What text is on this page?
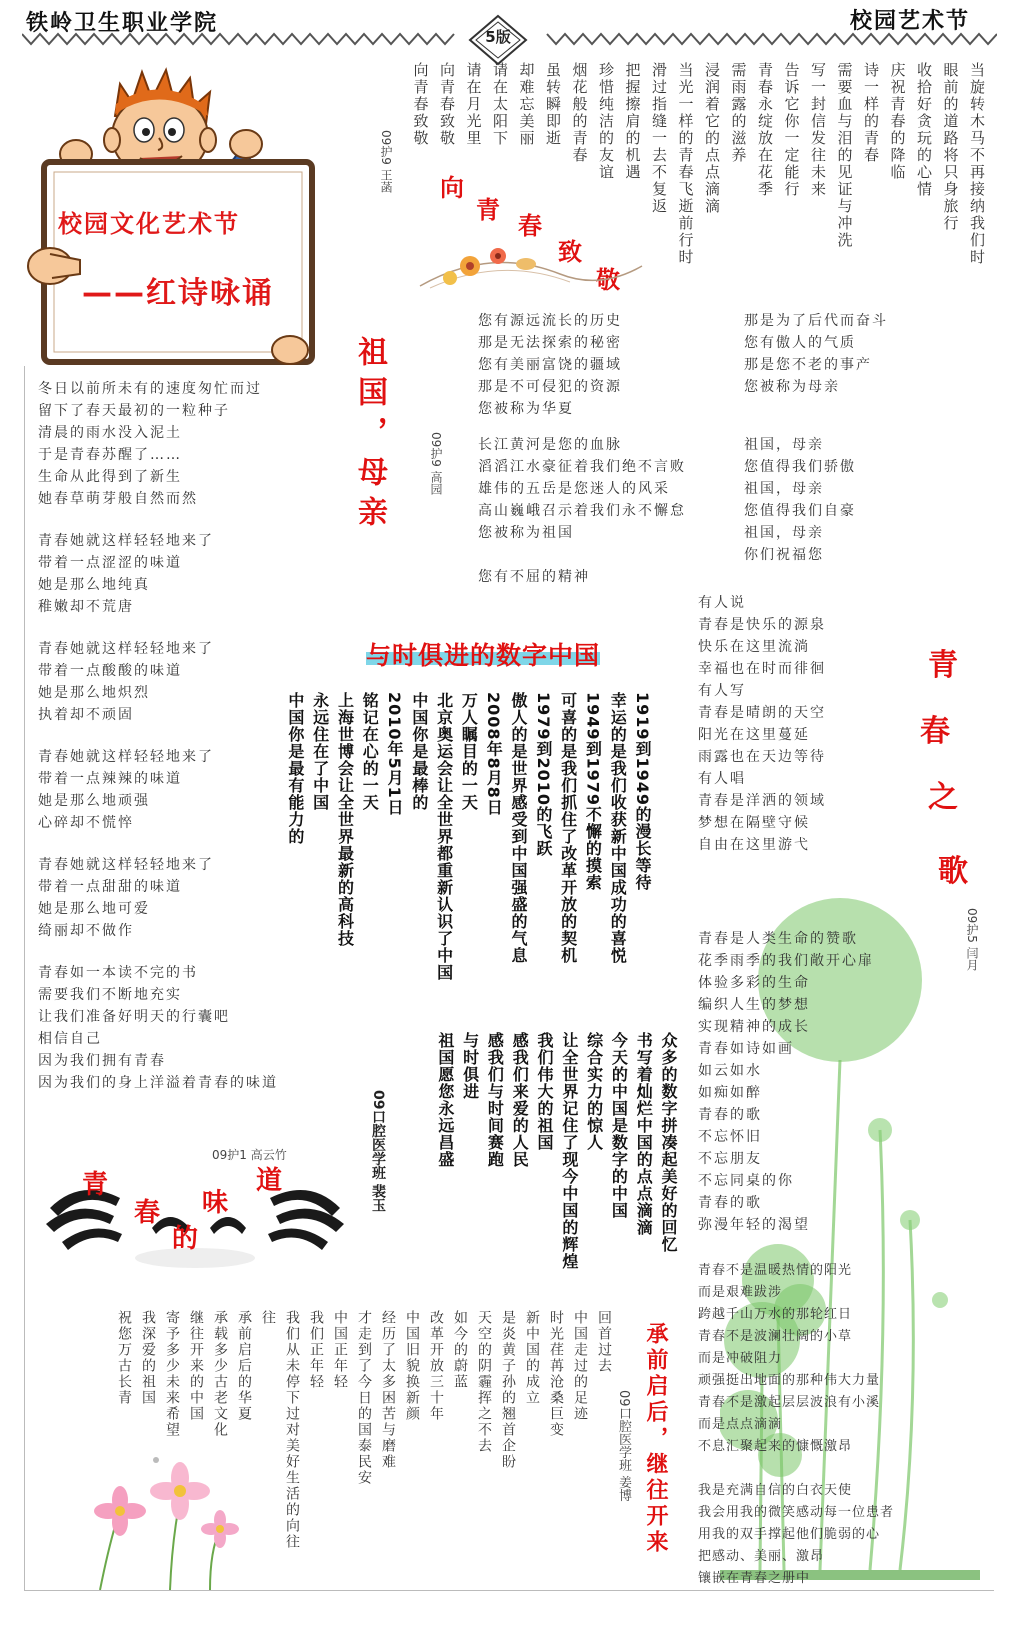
铁岭卫生职业学院	校园艺术节
5版
校园文化艺术节
——红诗咏诵
当旋转木马不再接纳我们时
眼前的道路将只身旅行
收拾好贪玩的心情
庆祝青春的降临
诗一样的青春
需要血与泪的见证与冲洗
写一封信发往未来
告诉它你一定能行
青春永绽放在花季
需雨露的滋养
浸润着它的点点滴滴
当光一样的青春飞逝前行时
滑过指缝一去不复返
把握擦肩的机遇
珍惜纯洁的友谊
烟花般的青春
虽转瞬即逝
却难忘美丽
请在太阳下
请在月光里
向青春致敬
向青春致敬
09护9 王菡 向
青
春
致
敬
祖国，母亲	09护9 高园

您有源远流长的历史

那是无法探索的秘密

您有美丽富饶的疆域

那是不可侵犯的资源

您被称为华夏

长江黄河是您的血脉

滔滔江水豪征着我们绝不言败

雄伟的五岳是您迷人的风采

高山巍峨召示着我们永不懈怠

您被称为祖国

您有不屈的精神

那是为了后代而奋斗

您有傲人的气质

那是您不老的事产

您被称为母亲

祖国，母亲

您值得我们骄傲

祖国，母亲

您值得我们自豪

祖国，母亲

你们祝福您

冬日以前所未有的速度匆忙而过

留下了春天最初的一粒种子

清晨的雨水没入泥土

于是青春苏醒了……

生命从此得到了新生

她春草萌芽般自然而然

青春她就这样轻轻地来了

带着一点涩涩的味道

她是那么地纯真

稚嫩却不荒唐

青春她就这样轻轻地来了

带着一点酸酸的味道

她是那么地炽烈

执着却不顽固

青春她就这样轻轻地来了

带着一点辣辣的味道

她是那么地顽强

心碎却不慌悴

青春她就这样轻轻地来了

带着一点甜甜的味道

她是那么地可爱

绮丽却不做作

青春如一本读不完的书

需要我们不断地充实

让我们准备好明天的行囊吧

相信自己

因为我们拥有青春

因为我们的身上洋溢着青春的味道

09护1 高云竹
青
春
的
味
道
与时俱进的数字中国
1919到1949的漫长等待
幸运的是我们收获新中国成功的喜悦
1949到1979不懈的摸索
可喜的是我们抓住了改革开放的契机
1979到2010的飞跃
傲人的是世界感受到中国强盛的气息
2008年8月8日
万人瞩目的一天
北京奥运会让全世界都重新认识了中国
中国你是最棒的
2010年5月1日
铭记在心的一天
上海世博会让全世界最新的高科技
永远住在了中国
中国你是最有能力的
众多的数字拼凑起美好的回忆
书写着灿烂中国的点点滴滴
今天的中国是数字的中国
综合实力的惊人
让全世界记住了现今中国的辉煌
我们伟大的祖国
感我们来爱的人民
感我们与时间赛跑
与时俱进
祖国愿您永远昌盛
09口腔医学班 裴玉
青
春
之
歌
09护5 闫月

有人说

青春是快乐的源泉

快乐在这里流淌

幸福也在时而徘徊

有人写

青春是晴朗的天空

阳光在这里蔓延

雨露也在天边等待

有人唱

青春是洋洒的领域

梦想在隔壁守候

自由在这里游弋

青春是人类生命的赞歌

花季雨季的我们敞开心扉

体验多彩的生命

编织人生的梦想

实现精神的成长

青春如诗如画

如云如水

如痴如醉

青春的歌

不忘怀旧

不忘朋友

不忘同桌的你

青春的歌

弥漫年轻的渴望

青春不是温暖热情的阳光

而是艰难跋涉

跨越千山万水的那轮红日

青春不是波澜壮阔的小草

而是冲破阻力

顽强挺出地面的那种伟大力量

青春不是激起层层波浪有小溪

而是点点滴滴

不息汇聚起来的慷慨激昂

我是充满自信的白衣天使

我会用我的微笑感动每一位患者

用我的双手撑起他们脆弱的心

把感动、美丽、激昂

镶嵌在青春之册中

承前启后，继往开来
09口腔医学班 姜博
回首过去
中国走过的足迹
时光荏苒沧桑巨变
新中国的成立
是炎黄子孙的翘首企盼
天空的阴霾挥之不去
如今的蔚蓝
改革开放三十年
中国旧貌换新颜
经历了太多困苦与磨难
才走到了今日的国泰民安
中国正年轻
我们正年轻
我们从未停下过对美好生活的向往
往
承前启后的华夏
承载多少古老文化
继往开来的中国
寄予多少未来希望
我深爱的祖国
祝您万古长青
